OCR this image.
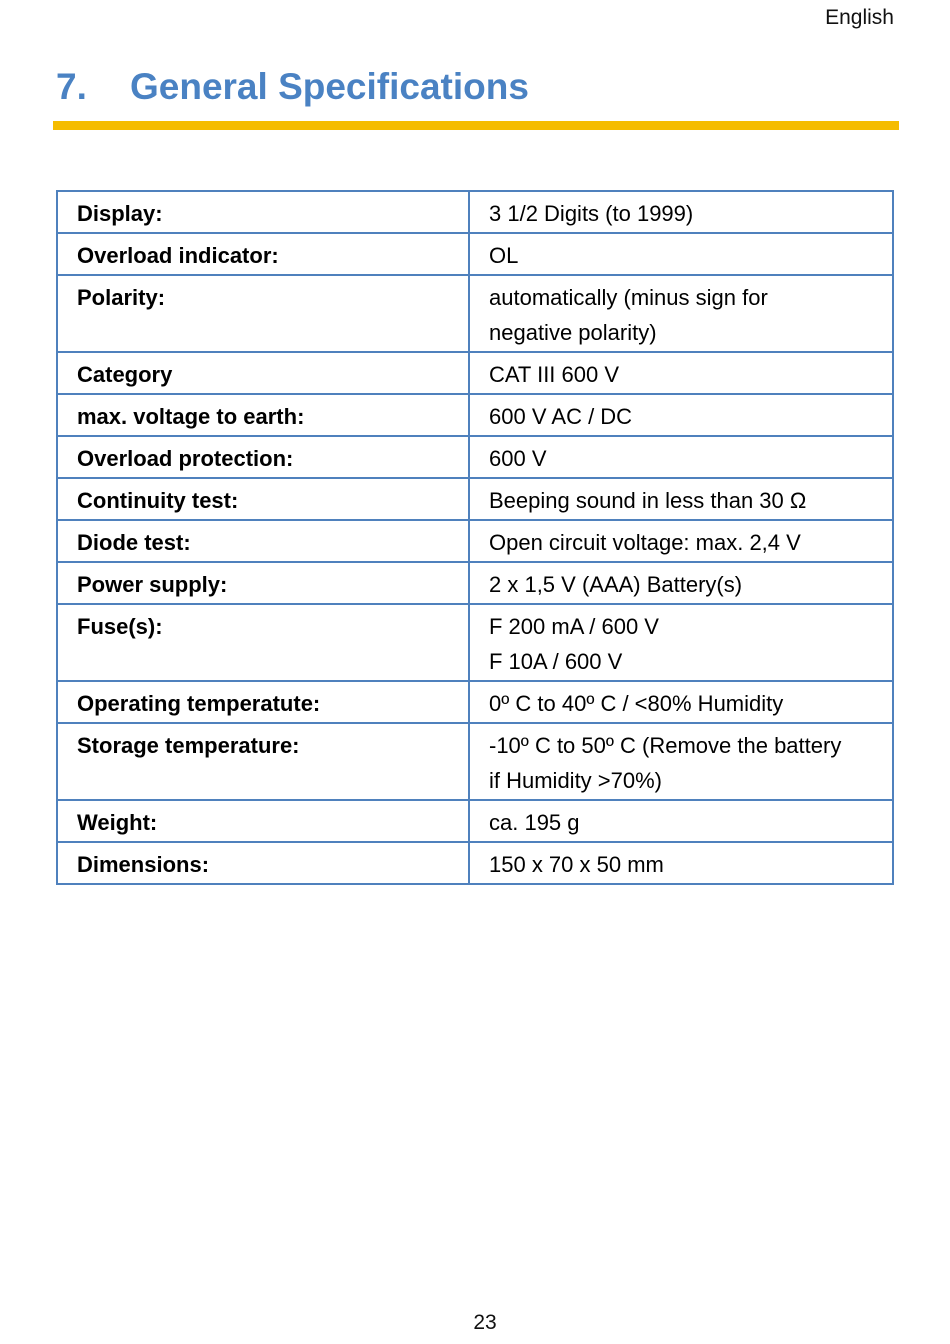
English
7. General Specifications
Display:	3 1/2 Digits (to 1999)

Overload indicator:	OL

Polarity:	automatically (minus sign for
negative polarity)

Category	CAT III 600 V

max. voltage to earth:	600 V AC / DC

Overload protection:	600 V

Continuity test:	Beeping sound in less than 30 Ω

Diode test:	Open circuit voltage: max. 2,4 V

Power supply:	2 x 1,5 V (AAA) Battery(s)

Fuse(s):	F 200 mA / 600 V
F 10A / 600 V

Operating temperatute:	0º C to 40º C / <80% Humidity

Storage temperature:	-10º C to 50º C (Remove the battery
if Humidity >70%)

Weight:	ca. 195 g

Dimensions:	150 x 70 x 50 mm
23
